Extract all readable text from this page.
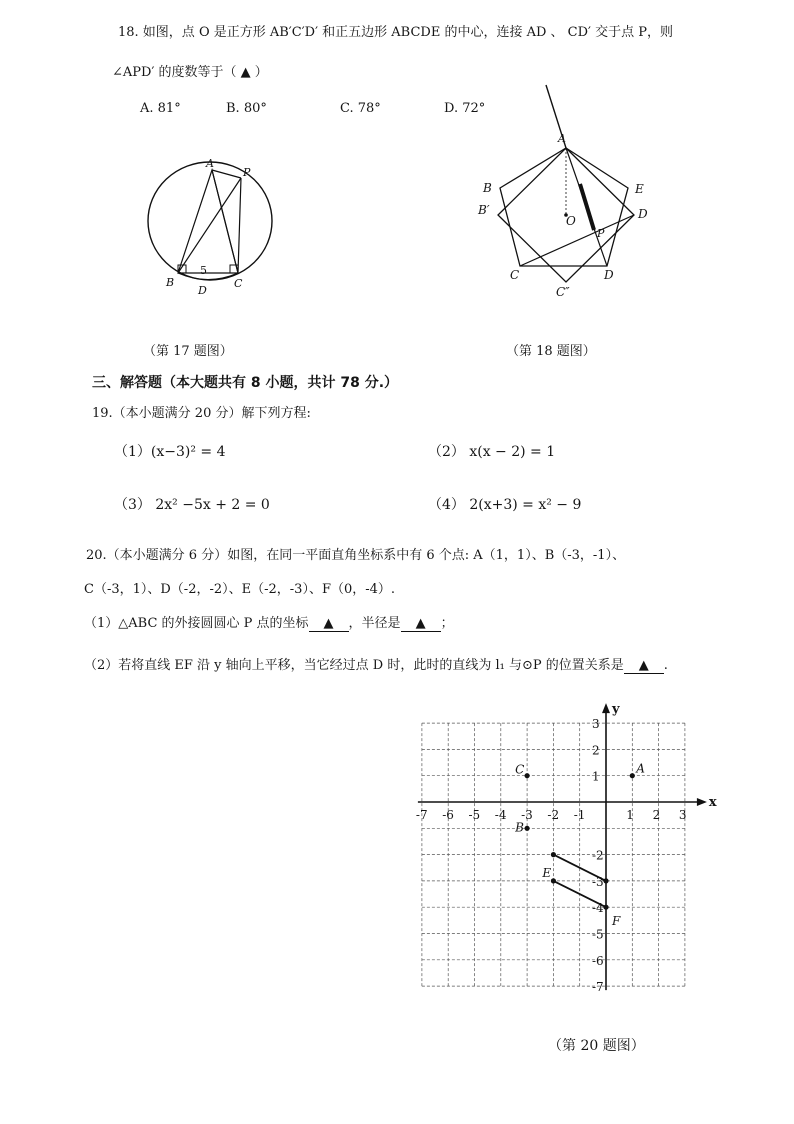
18. 如图，点 O 是正方形 AB′C′D′ 和正五边形 ABCDE 的中心，连接 AD 、 CD′ 交于点 P，则
∠APD′ 的度数等于（ ▲ ）
A. 81°	B. 80°	C. 78°	D. 72°
A
P
B	C
D
5
（第 17 题图）
A
B
B′
E
D
O
P
C
C″
D
（第 18 题图）
三、解答题（本大题共有 8 小题，共计 78 分.）
19.（本小题满分 20 分）解下列方程:
（1）(x−3)² = 4	（2） x(x − 2) = 1
（3） 2x² −5x + 2 = 0	（4） 2(x+3) = x² − 9
20.（本小题满分 6 分）如图，在同一平面直角坐标系中有 6 个点: A（1，1）、B（-3，-1）、
C（-3，1）、D（-2，-2）、E（-2，-3）、F（0，-4）.
（1）△ABC 的外接圆圆心 P 点的坐标 ▲ ，半径是 ▲ ；
（2）若将直线 EF 沿 y 轴向上平移，当它经过点 D 时，此时的直线为 l₁ 与⊙P 的位置关系是 ▲ .
x
y
-7 -6 -5 -4 -3 -2 -1	1 2 3
3
2
1
-2
-3
-4
-5
-6
-7
A
C
B
E
F
（第 20 题图）
